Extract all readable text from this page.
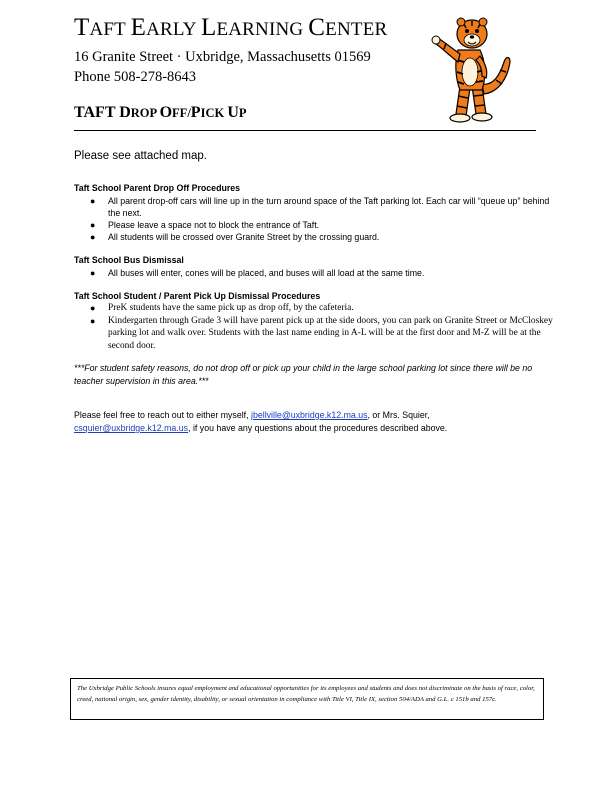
TAFT EARLY LEARNING CENTER
16 Granite Street · Uxbridge, Massachusetts 01569
Phone 508-278-8643
TAFT DROP OFF/PICK UP
Please see attached map.
Taft School Parent Drop Off Procedures
● All parent drop-off cars will line up in the turn around space of the Taft parking lot. Each car will “queue up” behind the next.
● Please leave a space not to block the entrance of Taft.
● All students will be crossed over Granite Street by the crossing guard.
Taft School Bus Dismissal
● All buses will enter, cones will be placed, and buses will all load at the same time.
Taft School Student / Parent Pick Up Dismissal Procedures
● PreK students have the same pick up as drop off, by the cafeteria.
● Kindergarten through Grade 3 will have parent pick up at the side doors, you can park on Granite Street or McCloskey parking lot and walk over. Students with the last name ending in A-L will be at the first door and M-Z will be at the second door.
***For student safety reasons, do not drop off or pick up your child in the large school parking lot since there will be no teacher supervision in this area.***
Please feel free to reach out to either myself, jbellville@uxbridge.k12.ma.us, or Mrs. Squier, csquier@uxbridge.k12.ma.us, if you have any questions about the procedures described above.
The Uxbridge Public Schools insures equal employment and educational opportunities for its employees and students and does not discriminate on the basis of race, color, creed, national origin, sex, gender identity, disability, or sexual orientation in compliance with Title VI, Title IX, section 504/ADA and G.L. c 151b and 157c.
